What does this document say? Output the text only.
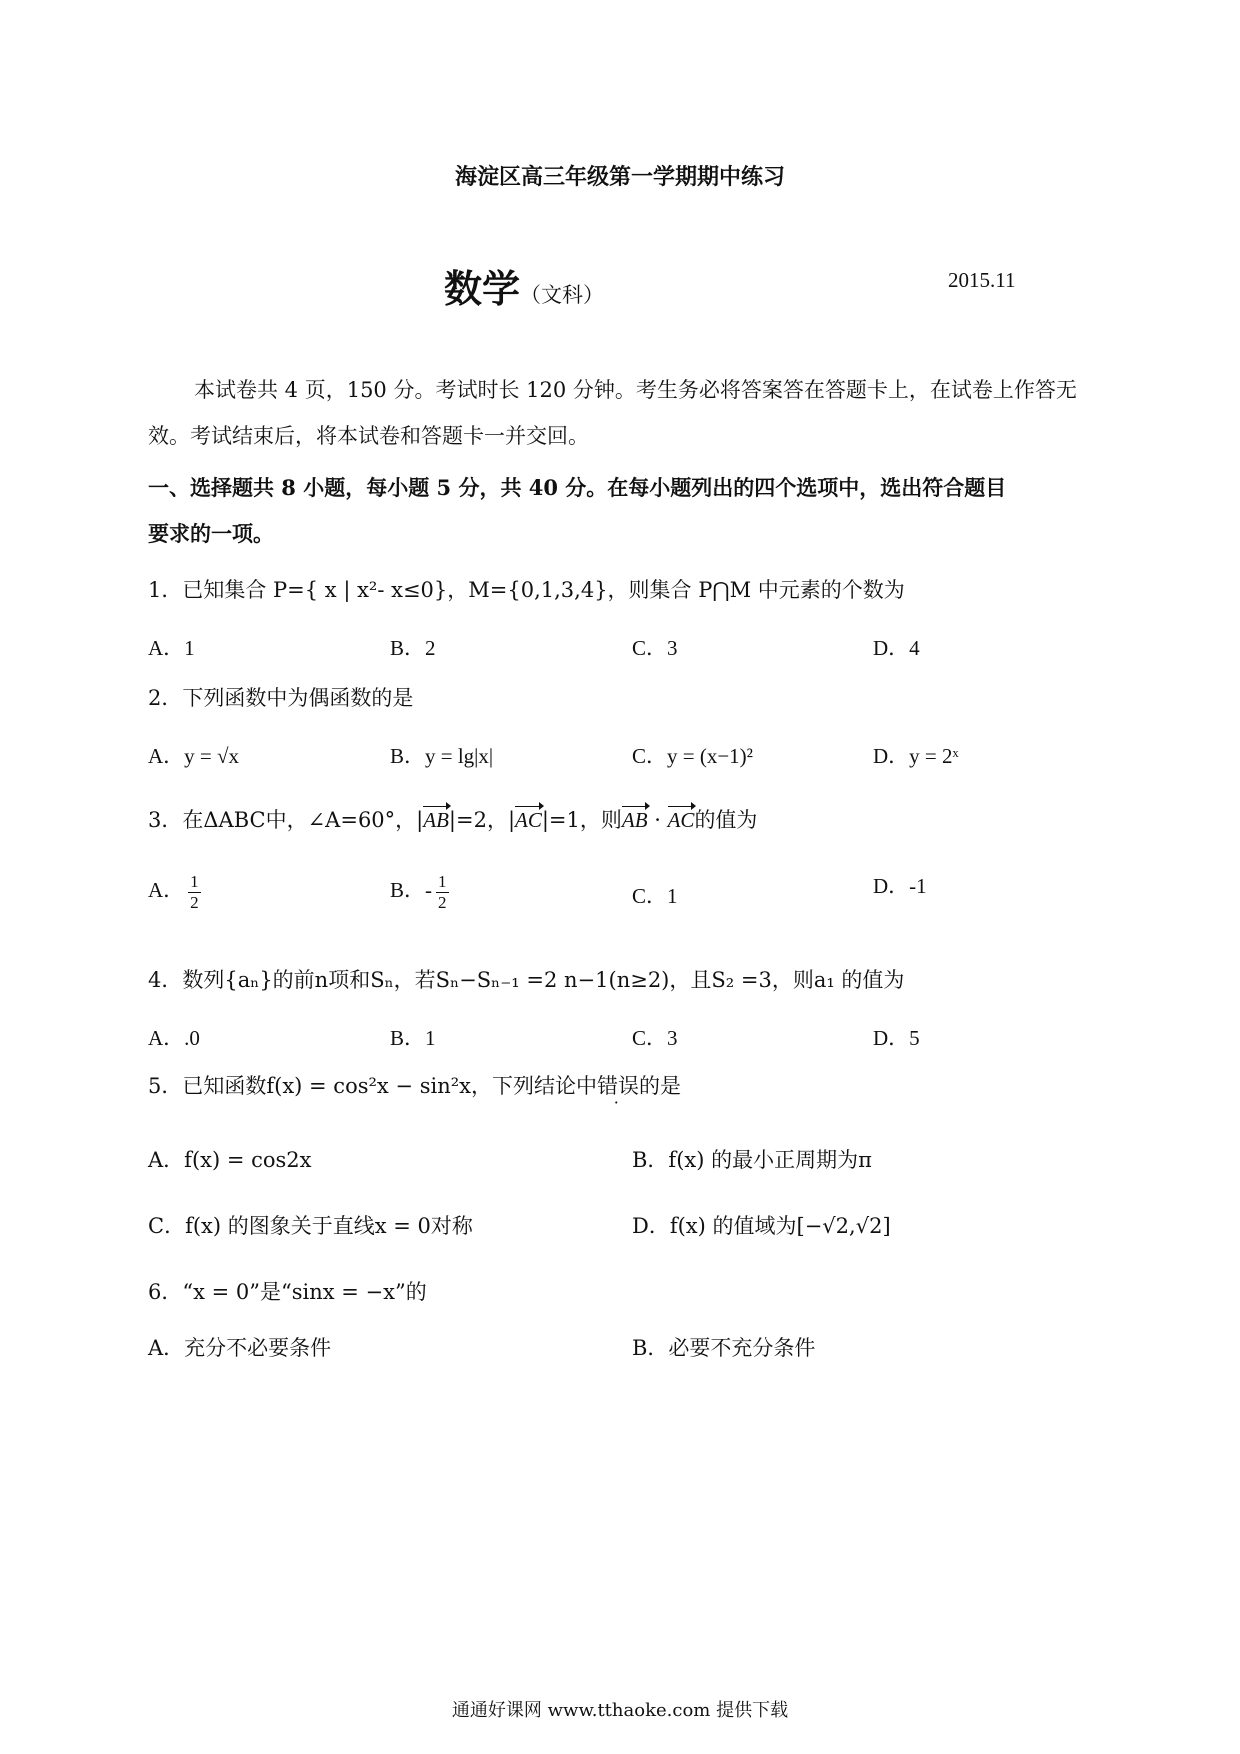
海淀区高三年级第一学期期中练习
数学（文科）
2015.11
本试卷共 4 页，150 分。考试时长 120 分钟。考生务必将答案答在答题卡上，在试卷上作答无
效。考试结束后，将本试卷和答题卡一并交回。
一、选择题共 8 小题，每小题 5 分，共 40 分。在每小题列出的四个选项中，选出符合题目
要求的一项。
1．已知集合 P={ x | x²- x≤0}，M={0,1,3,4}，则集合 P⋂M 中元素的个数为
A．1	B．2	C．3	D．4
2．下列函数中为偶函数的是
A．y = √x	B．y = lg|x|	C．y = (x−1)²	D．y = 2ˣ
3．在ΔABC中，∠A=60°，|AB|=2，|AC|=1，则AB · AC的值为
A． $\frac{1}{2}$	B．- $\frac{1}{2}$	C．1	D．-1
4．数列{aₙ}的前n项和Sₙ，若Sₙ−Sₙ₋₁ =2 n−1(n≥2)，且S₂ =3，则a₁ 的值为
A．.0	B．1	C．3	D．5
5．已知函数f(x) = cos²x − sin²x，下列结论中错误的是
A．f(x) = cos2x	B．f(x) 的最小正周期为π
C．f(x) 的图象关于直线x = 0对称	D．f(x) 的值域为[−√2,√2]
6．“x = 0”是“sinx = −x”的
A．充分不必要条件	B．必要不充分条件
通通好课网 www.tthaoke.com 提供下载
